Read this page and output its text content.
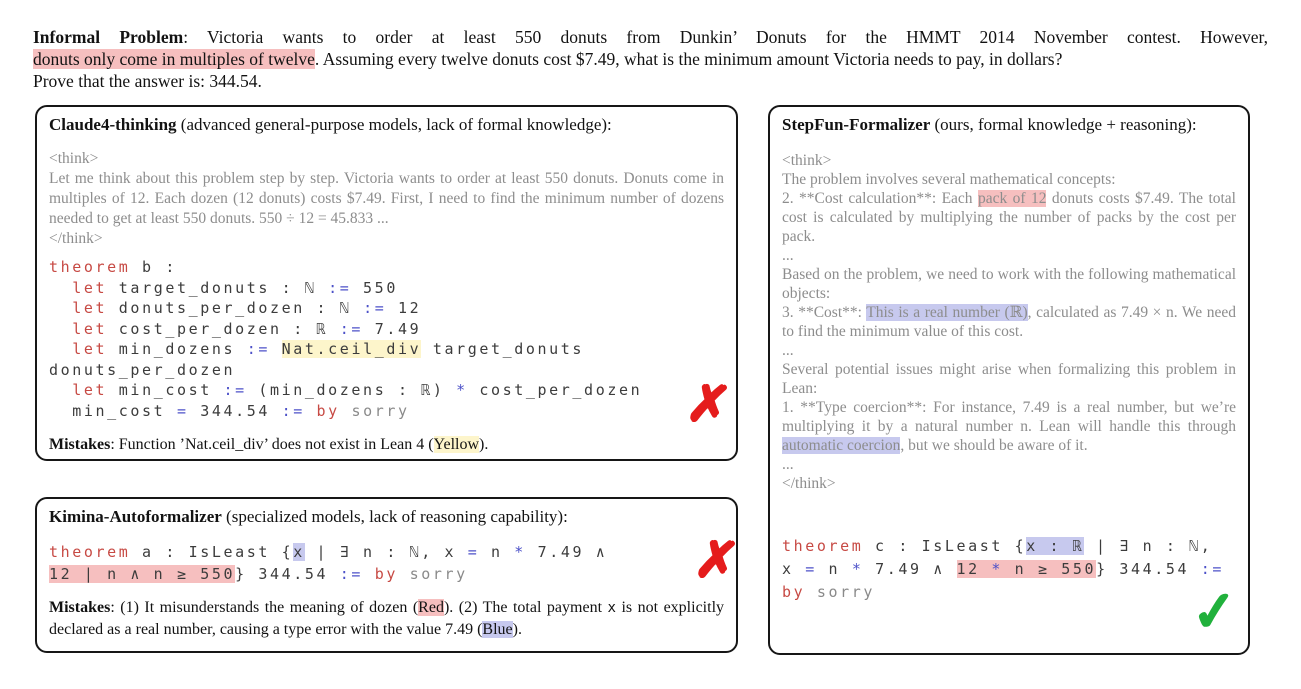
Informal Problem: Victoria wants to order at least 550 donuts from Dunkin’ Donuts for the HMMT 2014 November contest. However,
donuts only come in multiples of twelve. Assuming every twelve donuts cost $7.49, what is the minimum amount Victoria needs to pay, in dollars?
Prove that the answer is: 344.54.
Claude4-thinking (advanced general-purpose models, lack of formal knowledge):
<think>
Let me think about this problem step by step. Victoria wants to order at least 550 donuts. Donuts come in multiples of 12. Each dozen (12 donuts) costs $7.49. First, I need to find the minimum number of dozens needed to get at least 550 donuts. 550 ÷ 12 = 45.833 ...
</think>
theorem b :
let target_donuts : ℕ := 550
let donuts_per_dozen : ℕ := 12
let cost_per_dozen : ℝ := 7.49
let min_dozens := Nat.ceil_div target_donuts
donuts_per_dozen
let min_cost := (min_dozens : ℝ) * cost_per_dozen
min_cost = 344.54 := by sorry
Mistakes: Function ’Nat.ceil_div’ does not exist in Lean 4 (Yellow).
✗
Kimina-Autoformalizer (specialized models, lack of reasoning capability):
theorem a : IsLeast {x | ∃ n : ℕ, x = n * 7.49 ∧
12 | n ∧ n ≥ 550} 344.54 := by sorry
Mistakes: (1) It misunderstands the meaning of dozen (Red). (2) The total payment x is not explicitly declared as a real number, causing a type error with the value 7.49 (Blue).
✗
StepFun-Formalizer (ours, formal knowledge + reasoning):
<think>
The problem involves several mathematical concepts:
2. **Cost calculation**: Each pack of 12 donuts costs $7.49. The total cost is calculated by multiplying the number of packs by the cost per pack.
...
Based on the problem, we need to work with the following mathematical objects:
3. **Cost**: This is a real number (ℝ), calculated as 7.49 × n. We need to find the minimum value of this cost.
...
Several potential issues might arise when formalizing this problem in Lean:
1. **Type coercion**: For instance, 7.49 is a real number, but we’re multiplying it by a natural number n. Lean will handle this through automatic coercion, but we should be aware of it.
...
</think>
theorem c : IsLeast {x : ℝ | ∃ n : ℕ,
x = n * 7.49 ∧ 12 * n ≥ 550} 344.54 :=
by sorry	✓
